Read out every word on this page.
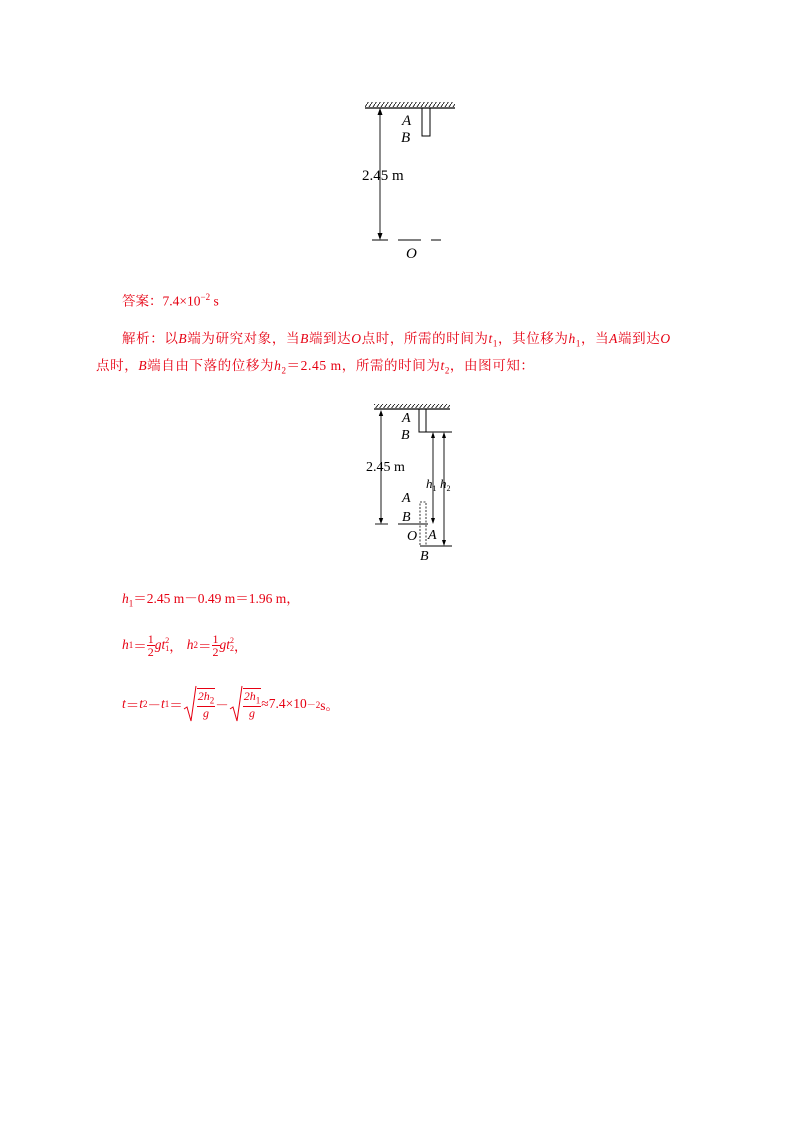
A
B
2.45 m
O
答案：$7.4\times 10^{-2}$ s
解析：以B端为研究对象，当B端到达O点时，所需的时间为$t_1$，其位移为$h_1$，当A端到达O
点时，B端自由下落的位移为$h_2=2.45$ m，所需的时间为$t_2$，由图可知：
A
B
2.45 m
$h_1$ $h_2$
A
B
O A
B
$h_1=2.45$ m－0.49 m＝1.96 m，
h $1 = \frac{1}{2}$ gt 2
1 ， h $2 = \frac{1}{2}$ gt 2
2 ，
t ＝ t 2 － t $1 = \frac{2h_2}{g} - \frac{2h_1}{g} \approx 7.4\times 10 -2$ s。
